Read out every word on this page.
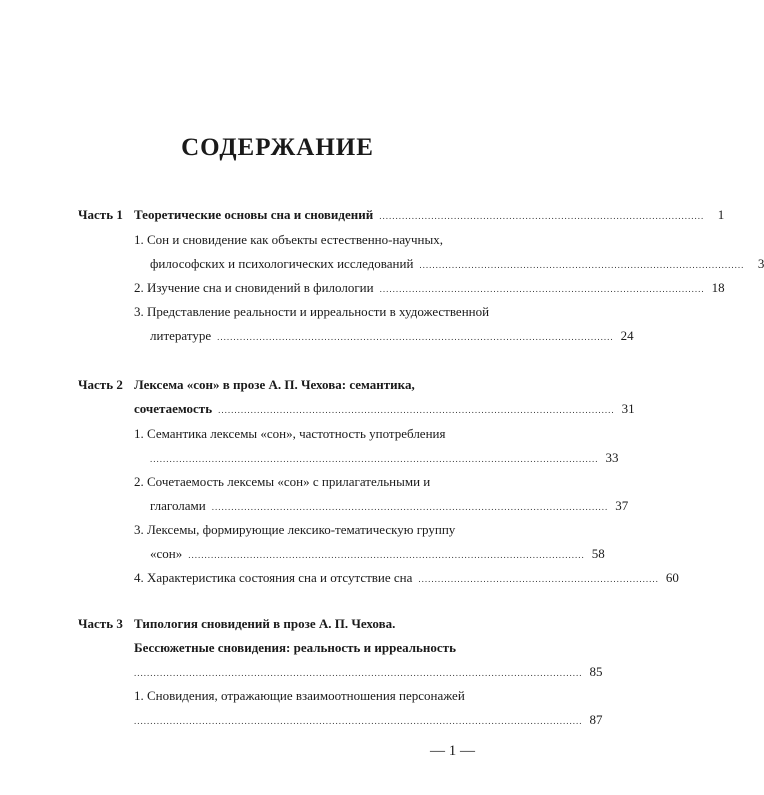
СОДЕРЖАНИЕ
Часть 1 Теоретические основы сна и сновидений ....................................................................................................	1
1. Сон и сновидение как объекты естественно-научных,
философских и психологических исследований ....................................................................................................	3
2. Изучение сна и сновидений в филологии .................................................................................................... 18
3. Представление реальности и ирреальности в художественной
литературе .......................................................................................................................... 24
Часть 2 Лексема «сон» в прозе А. П. Чехова: семантика,
сочетаемость .......................................................................................................................... 31
1. Семантика лексемы «сон», частотность употребления
.......................................................................................................................................... 33
2. Сочетаемость лексемы «сон» с прилагательными и
глаголами .......................................................................................................................... 37
3. Лексемы, формирующие лексико-тематическую группу
«сон» .......................................................................................................................... 58
4. Характеристика состояния сна и отсутствие сна .......................................................................... 60
Часть 3 Типология сновидений в прозе А. П. Чехова.
Бессюжетные сновидения: реальность и ирреальность
.......................................................................................................................................... 85
1. Сновидения, отражающие взаимоотношения персонажей
.......................................................................................................................................... 87
— 1 —
